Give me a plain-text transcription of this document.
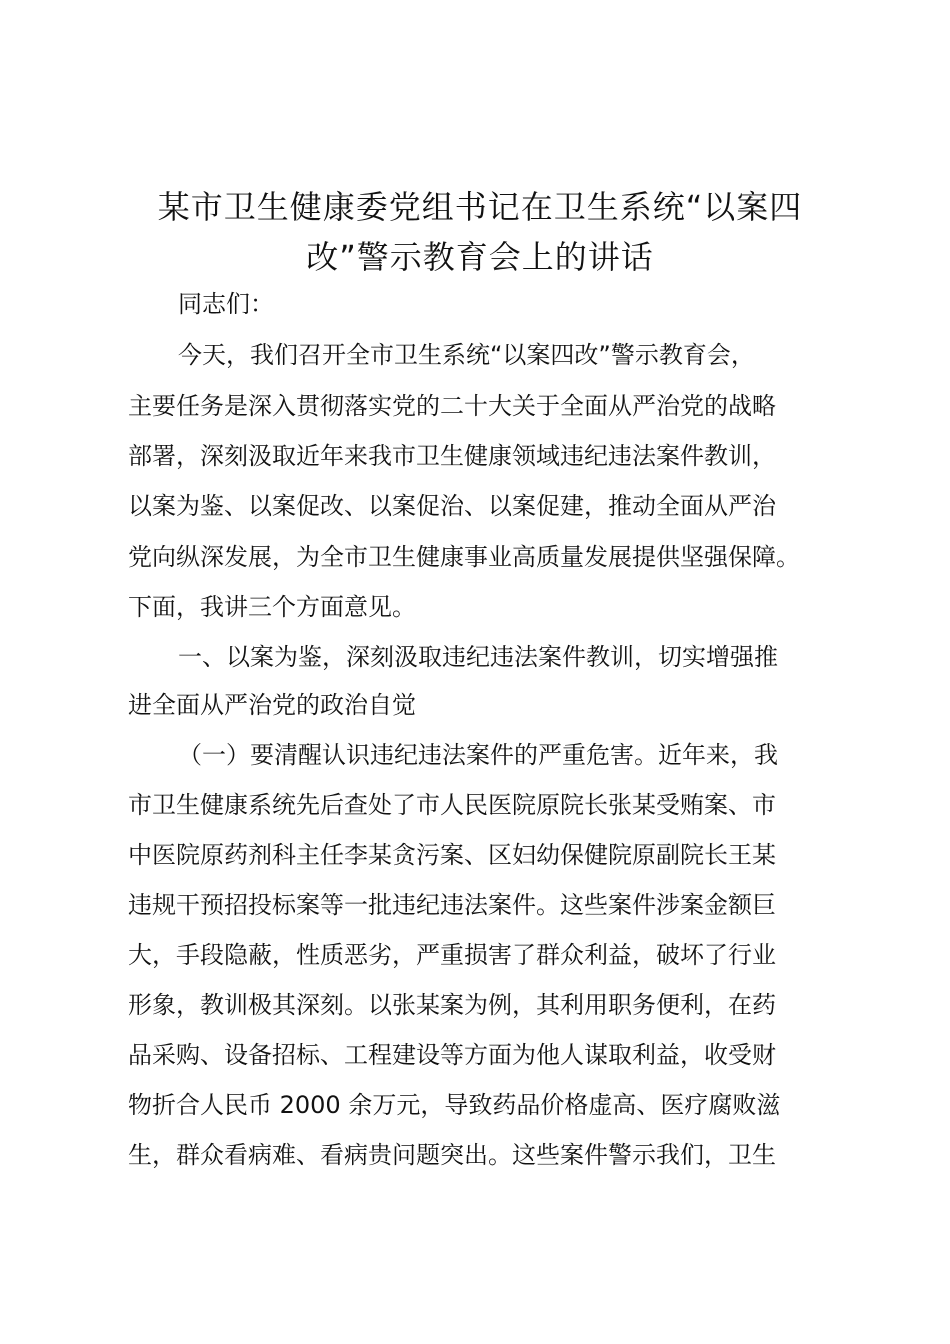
某市卫生健康委党组书记在卫生系统“以案四
改”警示教育会上的讲话
同志们：
今天，我们召开全市卫生系统“以案四改”警示教育会，
主要任务是深入贯彻落实党的二十大关于全面从严治党的战略
部署，深刻汲取近年来我市卫生健康领域违纪违法案件教训，
以案为鉴、以案促改、以案促治、以案促建，推动全面从严治
党向纵深发展，为全市卫生健康事业高质量发展提供坚强保障。
下面，我讲三个方面意见。
一、以案为鉴，深刻汲取违纪违法案件教训，切实增强推
进全面从严治党的政治自觉
（一）要清醒认识违纪违法案件的严重危害。近年来，我
市卫生健康系统先后查处了市人民医院原院长张某受贿案、市
中医院原药剂科主任李某贪污案、区妇幼保健院原副院长王某
违规干预招投标案等一批违纪违法案件。这些案件涉案金额巨
大，手段隐蔽，性质恶劣，严重损害了群众利益，破坏了行业
形象，教训极其深刻。以张某案为例，其利用职务便利，在药
品采购、设备招标、工程建设等方面为他人谋取利益，收受财
物折合人民币 2000 余万元，导致药品价格虚高、医疗腐败滋
生，群众看病难、看病贵问题突出。这些案件警示我们，卫生
